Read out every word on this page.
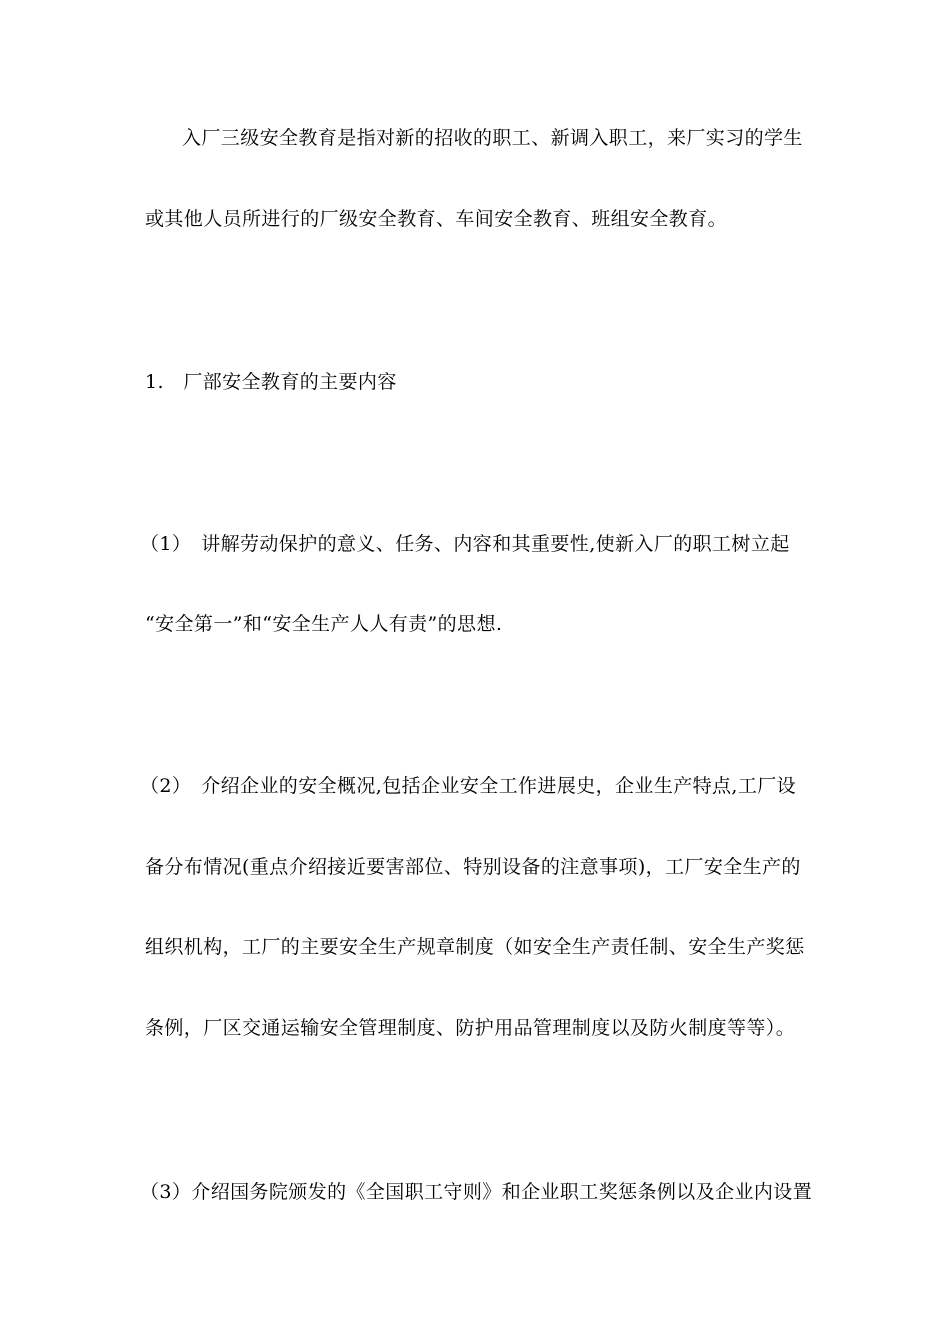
入厂三级安全教育是指对新的招收的职工、新调入职工，来厂实习的学生
或其他人员所进行的厂级安全教育、车间安全教育、班组安全教育。
1.　厂部安全教育的主要内容
（1）　讲解劳动保护的意义、任务、内容和其重要性,使新入厂的职工树立起
“安全第一”和“安全生产人人有责”的思想.
（2）　介绍企业的安全概况,包括企业安全工作进展史，企业生产特点,工厂设
备分布情况(重点介绍接近要害部位、特别设备的注意事项)，工厂安全生产的
组织机构，工厂的主要安全生产规章制度（如安全生产责任制、安全生产奖惩
条例，厂区交通运输安全管理制度、防护用品管理制度以及防火制度等等）。
（3）介绍国务院颁发的《全国职工守则》和企业职工奖惩条例以及企业内设置
